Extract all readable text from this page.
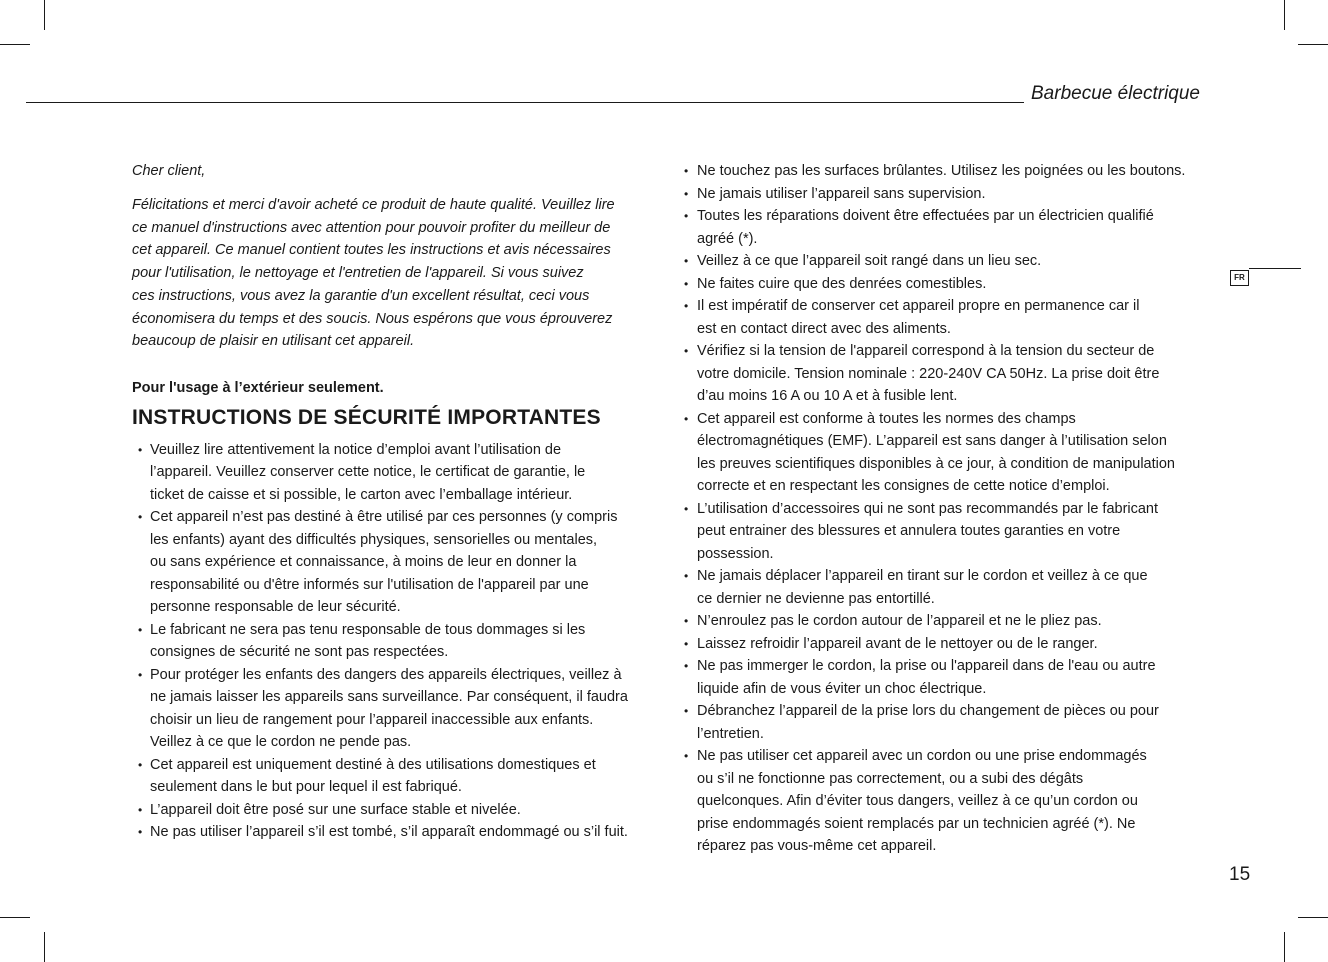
Barbecue électrique
FR

Cher client,

Félicitations et merci d'avoir acheté ce produit de haute qualité. Veuillez lire
ce manuel d'instructions avec attention pour pouvoir profiter du meilleur de
cet appareil. Ce manuel contient toutes les instructions et avis nécessaires
pour l'utilisation, le nettoyage et l'entretien de l'appareil. Si vous suivez
ces instructions, vous avez la garantie d'un excellent résultat, ceci vous
économisera du temps et des soucis. Nous espérons que vous éprouverez
beaucoup de plaisir en utilisant cet appareil.

Pour l'usage à l’extérieur seulement.

INSTRUCTIONS DE SÉCURITÉ IMPORTANTES
• Veuillez lire attentivement la notice d’emploi avant l’utilisation de
l’appareil. Veuillez conserver cette notice, le certificat de garantie, le
ticket de caisse et si possible, le carton avec l’emballage intérieur.
• Cet appareil n’est pas destiné à être utilisé par ces personnes (y compris
les enfants) ayant des difficultés physiques, sensorielles ou mentales,
ou sans expérience et connaissance, à moins de leur en donner la
responsabilité ou d'être informés sur l'utilisation de l'appareil par une
personne responsable de leur sécurité.
• Le fabricant ne sera pas tenu responsable de tous dommages si les
consignes de sécurité ne sont pas respectées.
• Pour protéger les enfants des dangers des appareils électriques, veillez à
ne jamais laisser les appareils sans surveillance. Par conséquent, il faudra
choisir un lieu de rangement pour l’appareil inaccessible aux enfants.
Veillez à ce que le cordon ne pende pas.
• Cet appareil est uniquement destiné à des utilisations domestiques et
seulement dans le but pour lequel il est fabriqué.
• L’appareil doit être posé sur une surface stable et nivelée.
• Ne pas utiliser l’appareil s’il est tombé, s’il apparaît endommagé ou s’il fuit.
• Ne touchez pas les surfaces brûlantes. Utilisez les poignées ou les boutons.
• Ne jamais utiliser l’appareil sans supervision.
• Toutes les réparations doivent être effectuées par un électricien qualifié
agréé (*).
• Veillez à ce que l’appareil soit rangé dans un lieu sec.
• Ne faites cuire que des denrées comestibles.
• Il est impératif de conserver cet appareil propre en permanence car il
est en contact direct avec des aliments.
• Vérifiez si la tension de l'appareil correspond à la tension du secteur de
votre domicile. Tension nominale : 220-240V CA 50Hz. La prise doit être
d’au moins 16 A ou 10 A et à fusible lent.
• Cet appareil est conforme à toutes les normes des champs
électromagnétiques (EMF). L’appareil est sans danger à l’utilisation selon
les preuves scientifiques disponibles à ce jour, à condition de manipulation
correcte et en respectant les consignes de cette notice d’emploi.
• L’utilisation d’accessoires qui ne sont pas recommandés par le fabricant
peut entrainer des blessures et annulera toutes garanties en votre
possession.
• Ne jamais déplacer l’appareil en tirant sur le cordon et veillez à ce que
ce dernier ne devienne pas entortillé.
• N’enroulez pas le cordon autour de l’appareil et ne le pliez pas.
• Laissez refroidir l’appareil avant de le nettoyer ou de le ranger.
• Ne pas immerger le cordon, la prise ou l'appareil dans de l'eau ou autre
liquide afin de vous éviter un choc électrique.
• Débranchez l’appareil de la prise lors du changement de pièces ou pour
l’entretien.
• Ne pas utiliser cet appareil avec un cordon ou une prise endommagés
ou s’il ne fonctionne pas correctement, ou a subi des dégâts
quelconques. Afin d’éviter tous dangers, veillez à ce qu’un cordon ou
prise endommagés soient remplacés par un technicien agréé (*). Ne
réparez pas vous-même cet appareil.
15
